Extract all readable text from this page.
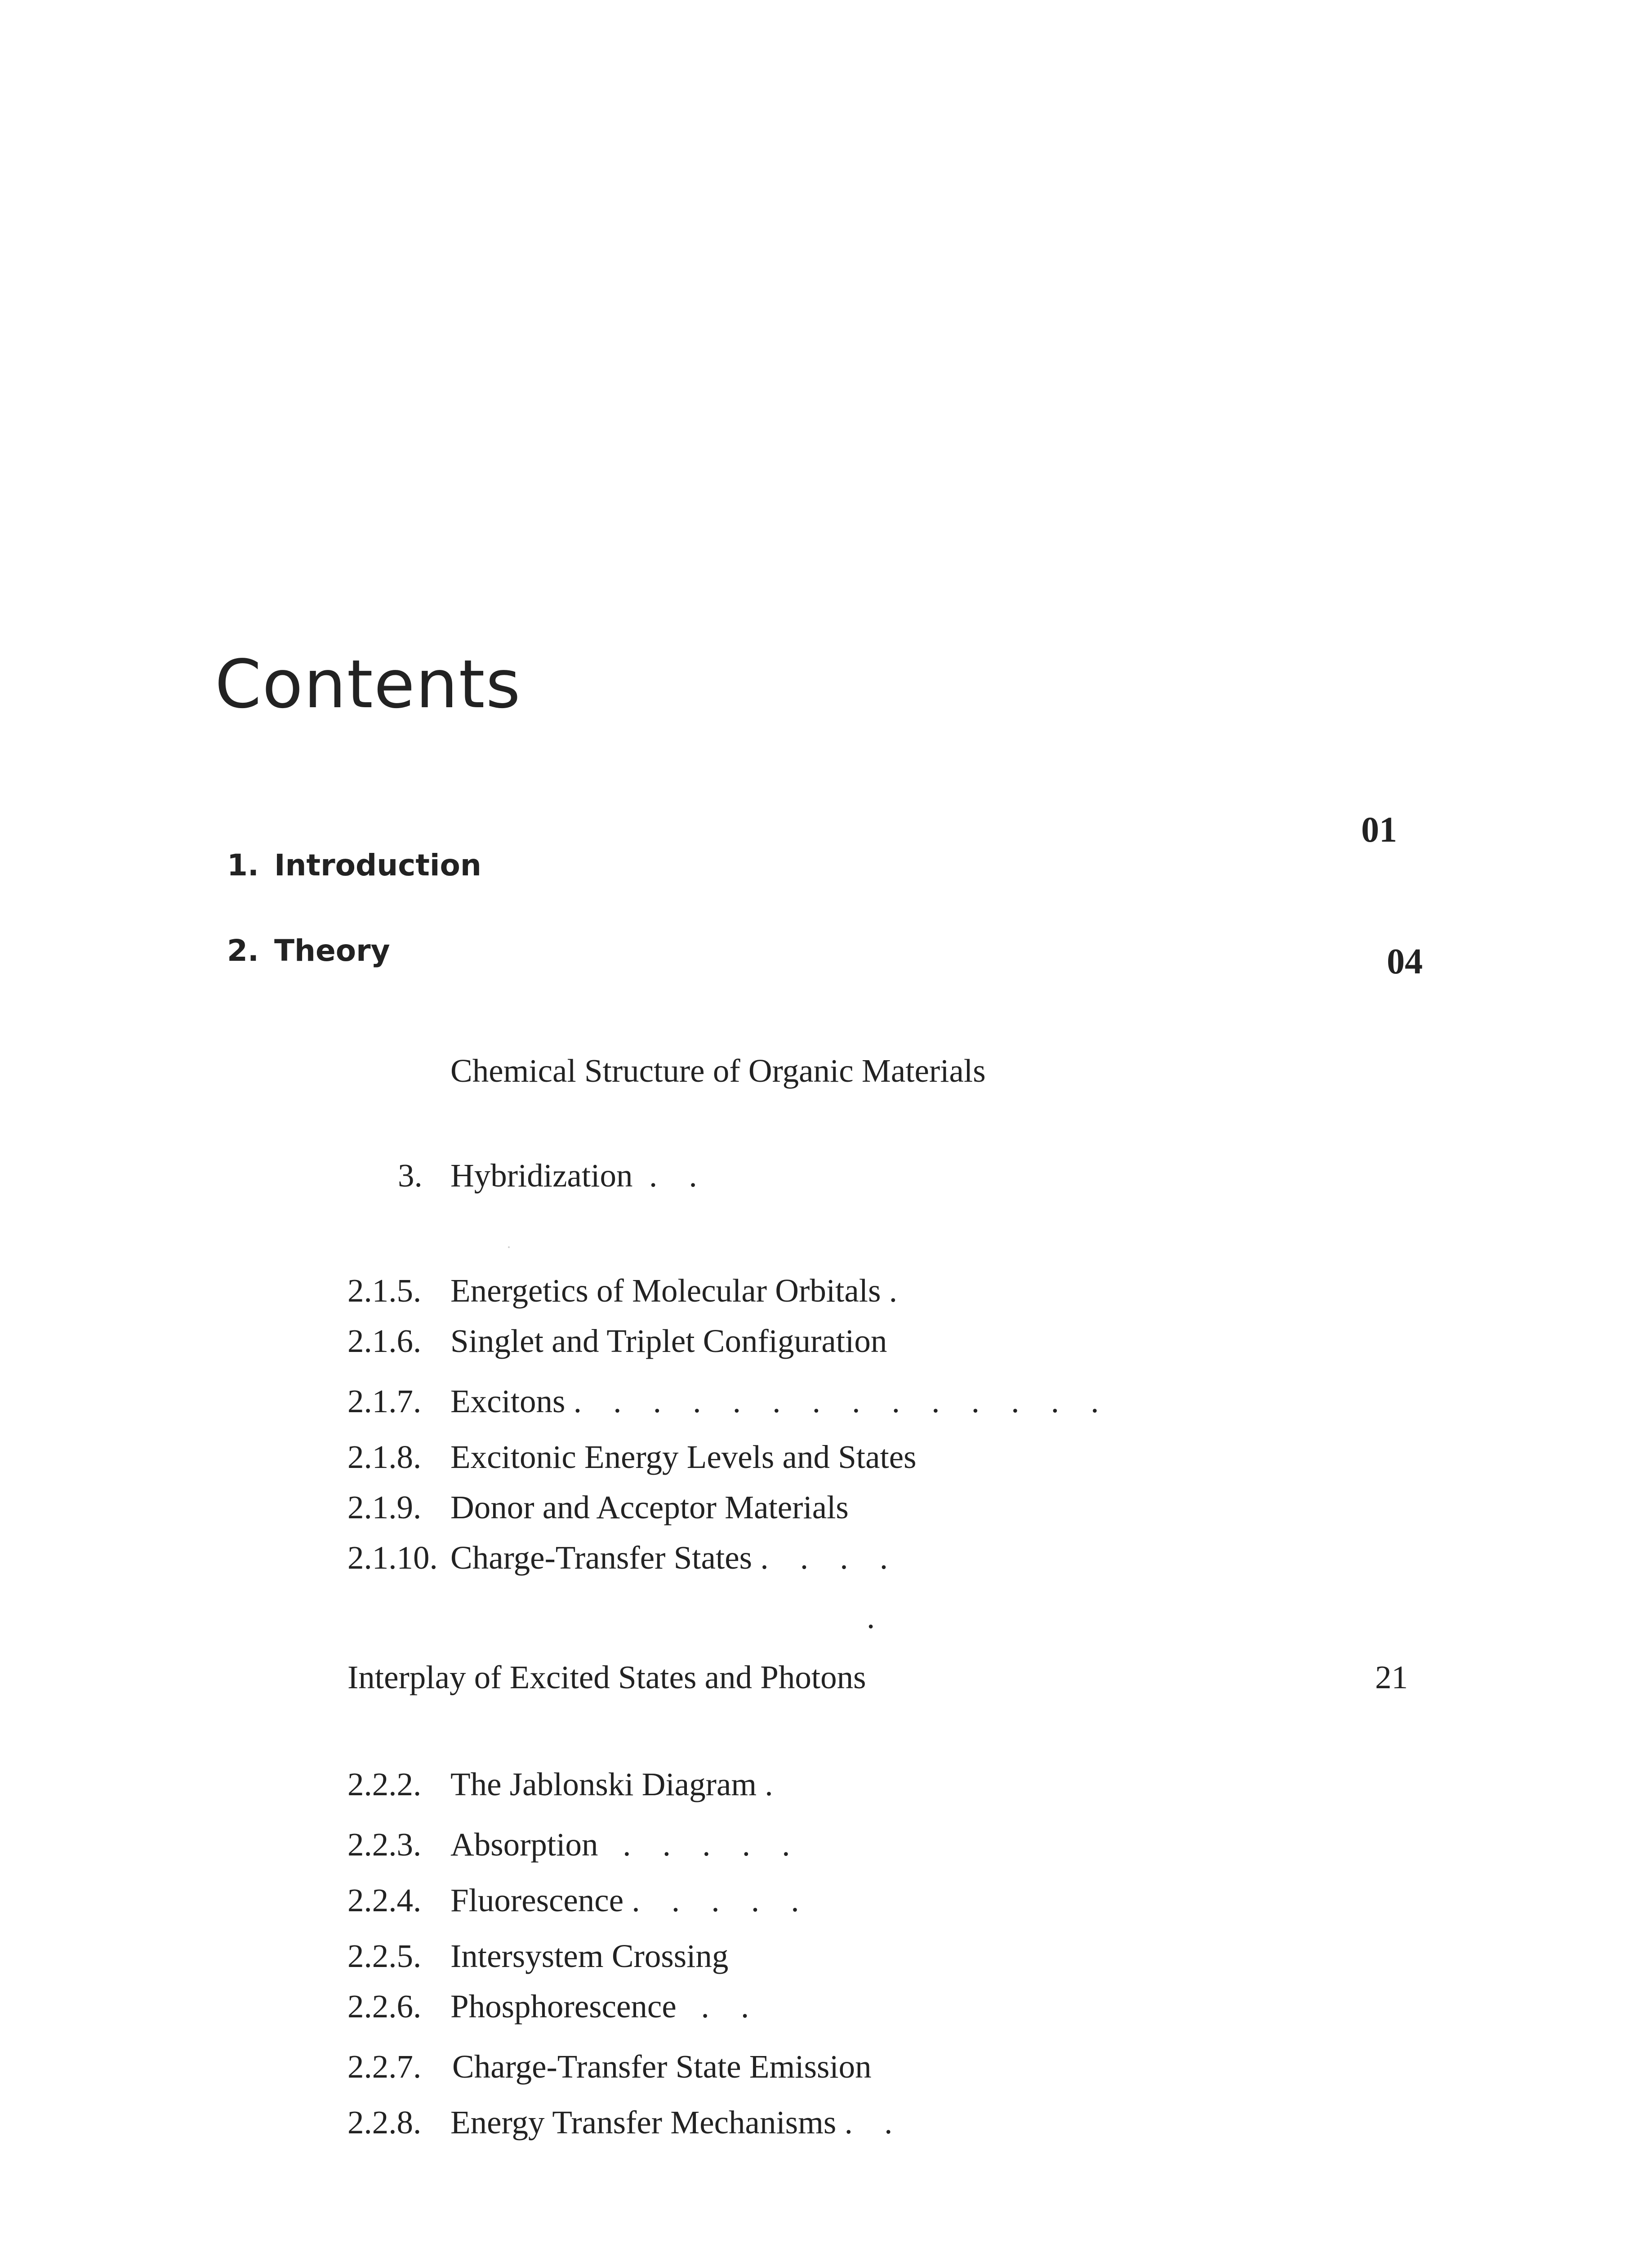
Contents
1. Introduction
01
2. Theory	04
Chemical Structure of Organic Materials
3. Hybridization . .
2.1.5. Energetics of Molecular Orbitals .
2.1.6. Singlet and Triplet Configuration
2.1.7. Excitons . . . . . . . . . . . . . .
2.1.8. Excitonic Energy Levels and States
2.1.9. Donor and Acceptor Materials
2.1.10. Charge-Transfer States . . . .
.
Interplay of Excited States and Photons	21
2.2.2. The Jablonski Diagram .
2.2.3. Absorption . . . . .
2.2.4. Fluorescence . . . . .
2.2.5. Intersystem Crossing
2.2.6. Phosphorescence . .
2.2.7. Charge-Transfer State Emission
2.2.8. Energy Transfer Mechanisms . .
